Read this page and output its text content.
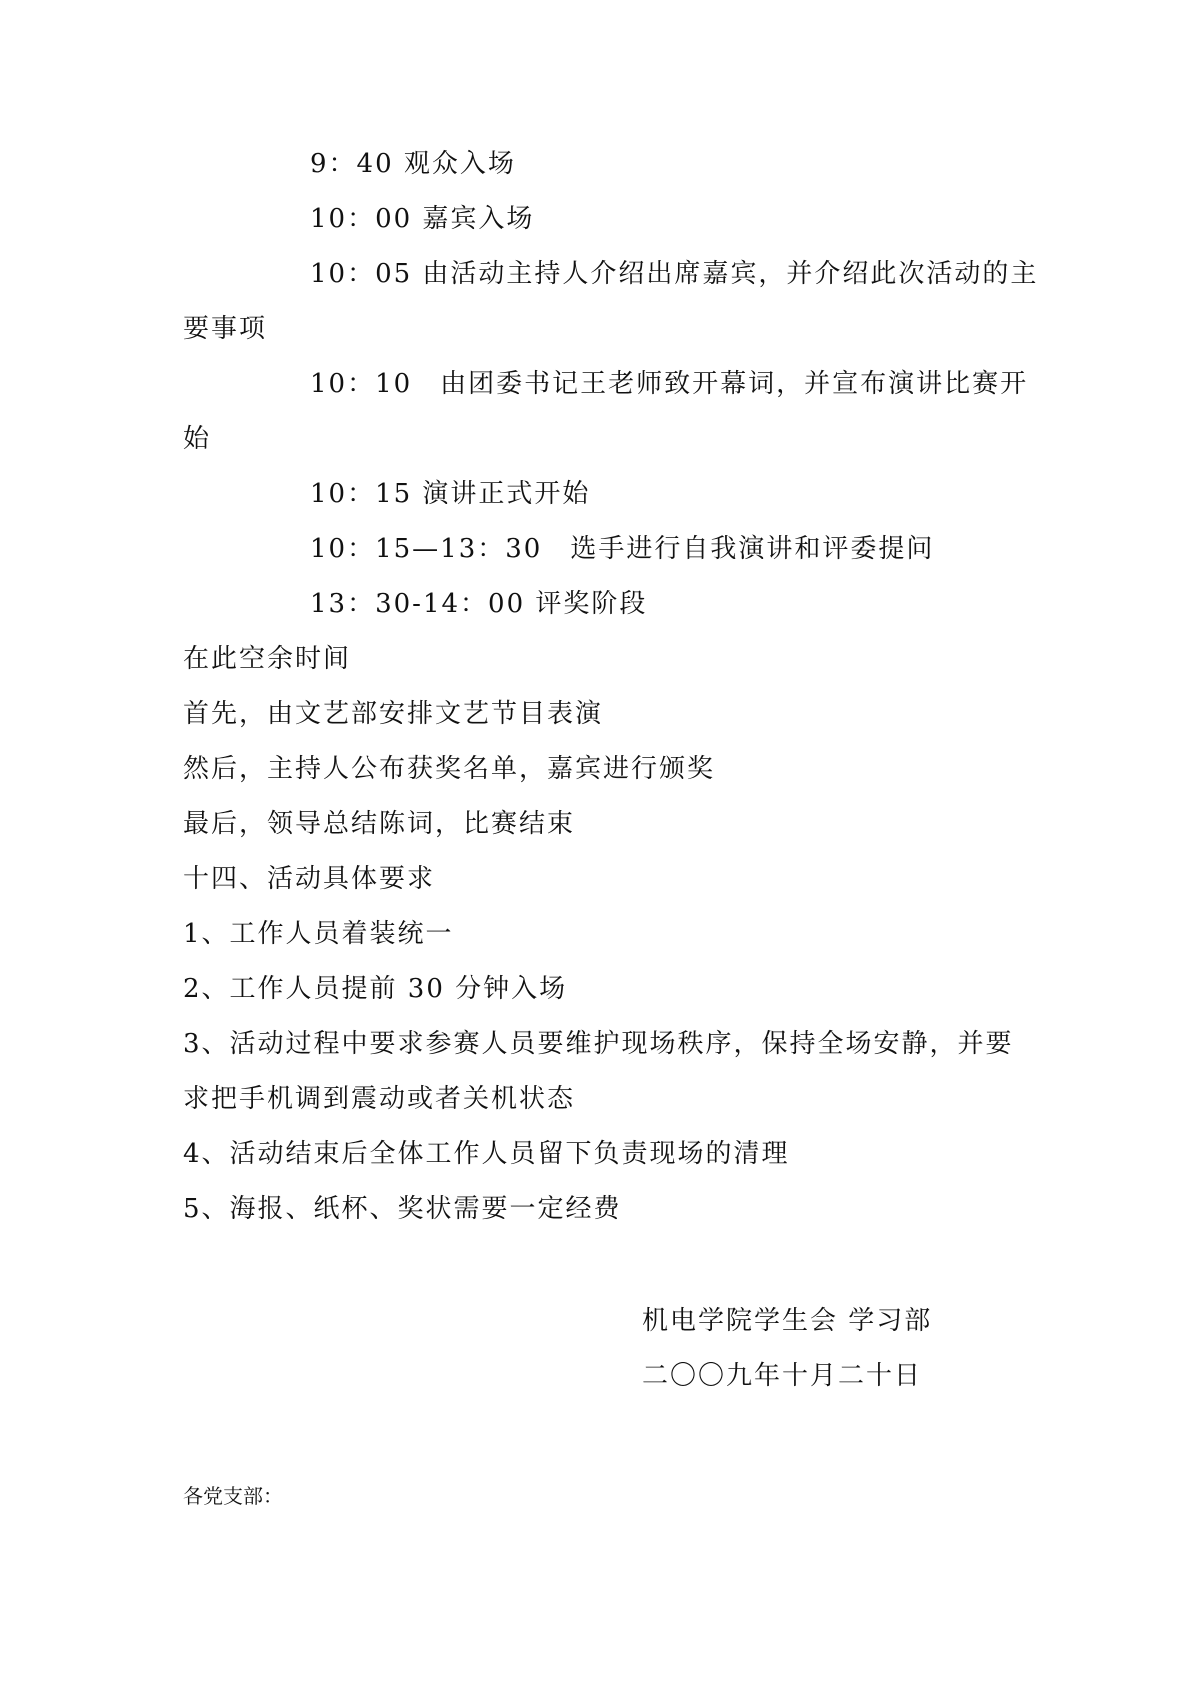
9：40 观众入场
10：00 嘉宾入场
10：05 由活动主持人介绍出席嘉宾，并介绍此次活动的主
要事项
10：10　由团委书记王老师致开幕词，并宣布演讲比赛开
始
10：15 演讲正式开始
10：15—13：30　选手进行自我演讲和评委提问
13：30-14：00 评奖阶段
在此空余时间
首先，由文艺部安排文艺节目表演
然后，主持人公布获奖名单，嘉宾进行颁奖
最后，领导总结陈词，比赛结束
十四、活动具体要求
1、工作人员着装统一
2、工作人员提前 30 分钟入场
3、活动过程中要求参赛人员要维护现场秩序，保持全场安静，并要
求把手机调到震动或者关机状态
4、活动结束后全体工作人员留下负责现场的清理
5、海报、纸杯、奖状需要一定经费
机电学院学生会 学习部
二〇〇九年十月二十日
各党支部：
